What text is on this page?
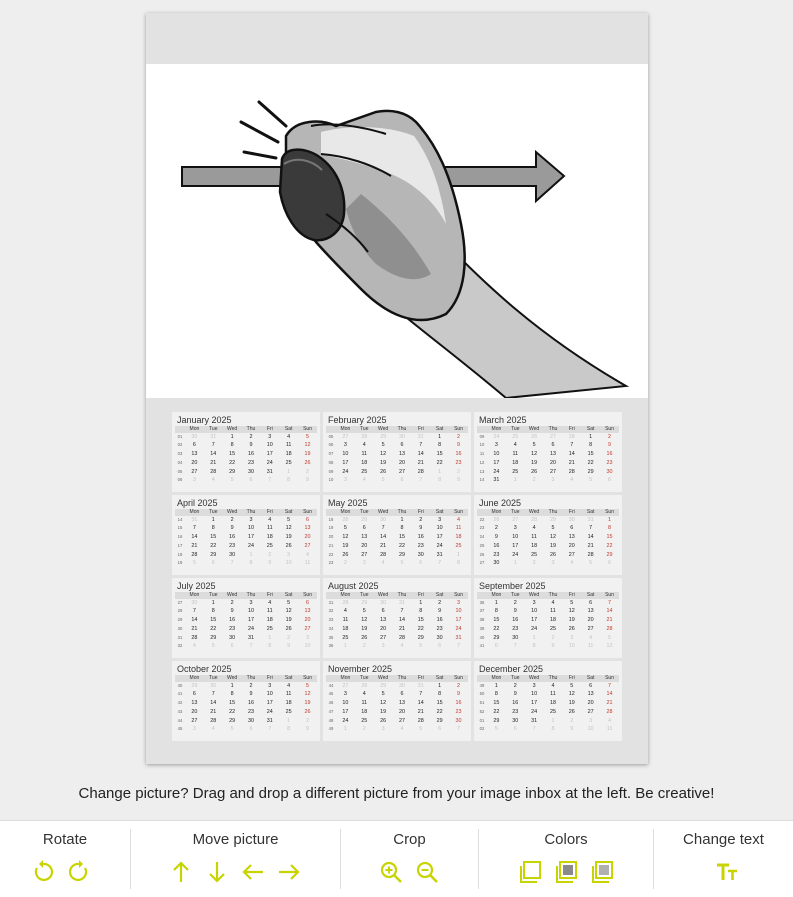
January 2025
	Mon	Tue	Wed	Thu	Fri	Sat	Sun
01	30	31	1	2	3	4	5
02	6	7	8	9	10	11	12
03	13	14	15	16	17	18	19
04	20	21	22	23	24	25	26
05	27	28	29	30	31	1	2
06	3	4	5	6	7	8	9
February 2025
	Mon	Tue	Wed	Thu	Fri	Sat	Sun
05	27	28	29	30	31	1	2
06	3	4	5	6	7	8	9
07	10	11	12	13	14	15	16
08	17	18	19	20	21	22	23
09	24	25	26	27	28	1	2
10	3	4	5	6	7	8	9
March 2025
	Mon	Tue	Wed	Thu	Fri	Sat	Sun
09	24	25	26	27	28	1	2
10	3	4	5	6	7	8	9
11	10	11	12	13	14	15	16
12	17	18	19	20	21	22	23
13	24	25	26	27	28	29	30
14	31	1	2	3	4	5	6
April 2025
	Mon	Tue	Wed	Thu	Fri	Sat	Sun
14	31	1	2	3	4	5	6
15	7	8	9	10	11	12	13
16	14	15	16	17	18	19	20
17	21	22	23	24	25	26	27
18	28	29	30	1	2	3	4
19	5	6	7	8	9	10	11
May 2025
	Mon	Tue	Wed	Thu	Fri	Sat	Sun
18	28	29	30	1	2	3	4
19	5	6	7	8	9	10	11
20	12	13	14	15	16	17	18
21	19	20	21	22	23	24	25
22	26	27	28	29	30	31	1
23	2	3	4	5	6	7	8
June 2025
	Mon	Tue	Wed	Thu	Fri	Sat	Sun
22	26	27	28	29	30	31	1
23	2	3	4	5	6	7	8
24	9	10	11	12	13	14	15
25	16	17	18	19	20	21	22
26	23	24	25	26	27	28	29
27	30	1	2	3	4	5	6
July 2025
	Mon	Tue	Wed	Thu	Fri	Sat	Sun
27	30	1	2	3	4	5	6
28	7	8	9	10	11	12	13
29	14	15	16	17	18	19	20
30	21	22	23	24	25	26	27
31	28	29	30	31	1	2	3
32	4	5	6	7	8	9	10
August 2025
	Mon	Tue	Wed	Thu	Fri	Sat	Sun
31	28	29	30	31	1	2	3
32	4	5	6	7	8	9	10
33	11	12	13	14	15	16	17
34	18	19	20	21	22	23	24
35	25	26	27	28	29	30	31
36	1	2	3	4	5	6	7
September 2025
	Mon	Tue	Wed	Thu	Fri	Sat	Sun
36	1	2	3	4	5	6	7
37	8	9	10	11	12	13	14
38	15	16	17	18	19	20	21
39	22	23	24	25	26	27	28
40	29	30	1	2	3	4	5
41	6	7	8	9	10	11	12
October 2025
	Mon	Tue	Wed	Thu	Fri	Sat	Sun
40	29	30	1	2	3	4	5
41	6	7	8	9	10	11	12
42	13	14	15	16	17	18	19
43	20	21	22	23	24	25	26
44	27	28	29	30	31	1	2
45	3	4	5	6	7	8	9
November 2025
	Mon	Tue	Wed	Thu	Fri	Sat	Sun
44	27	28	29	30	31	1	2
45	3	4	5	6	7	8	9
46	10	11	12	13	14	15	16
47	17	18	19	20	21	22	23
48	24	25	26	27	28	29	30
49	1	2	3	4	5	6	7
December 2025
	Mon	Tue	Wed	Thu	Fri	Sat	Sun
49	1	2	3	4	5	6	7
50	8	9	10	11	12	13	14
51	15	16	17	18	19	20	21
52	22	23	24	25	26	27	28
01	29	30	31	1	2	3	4
02	5	6	7	8	9	10	11
Change picture? Drag and drop a different picture from your image inbox at the left. Be creative!
Rotate	Move picture	Crop	Colors	Change text
